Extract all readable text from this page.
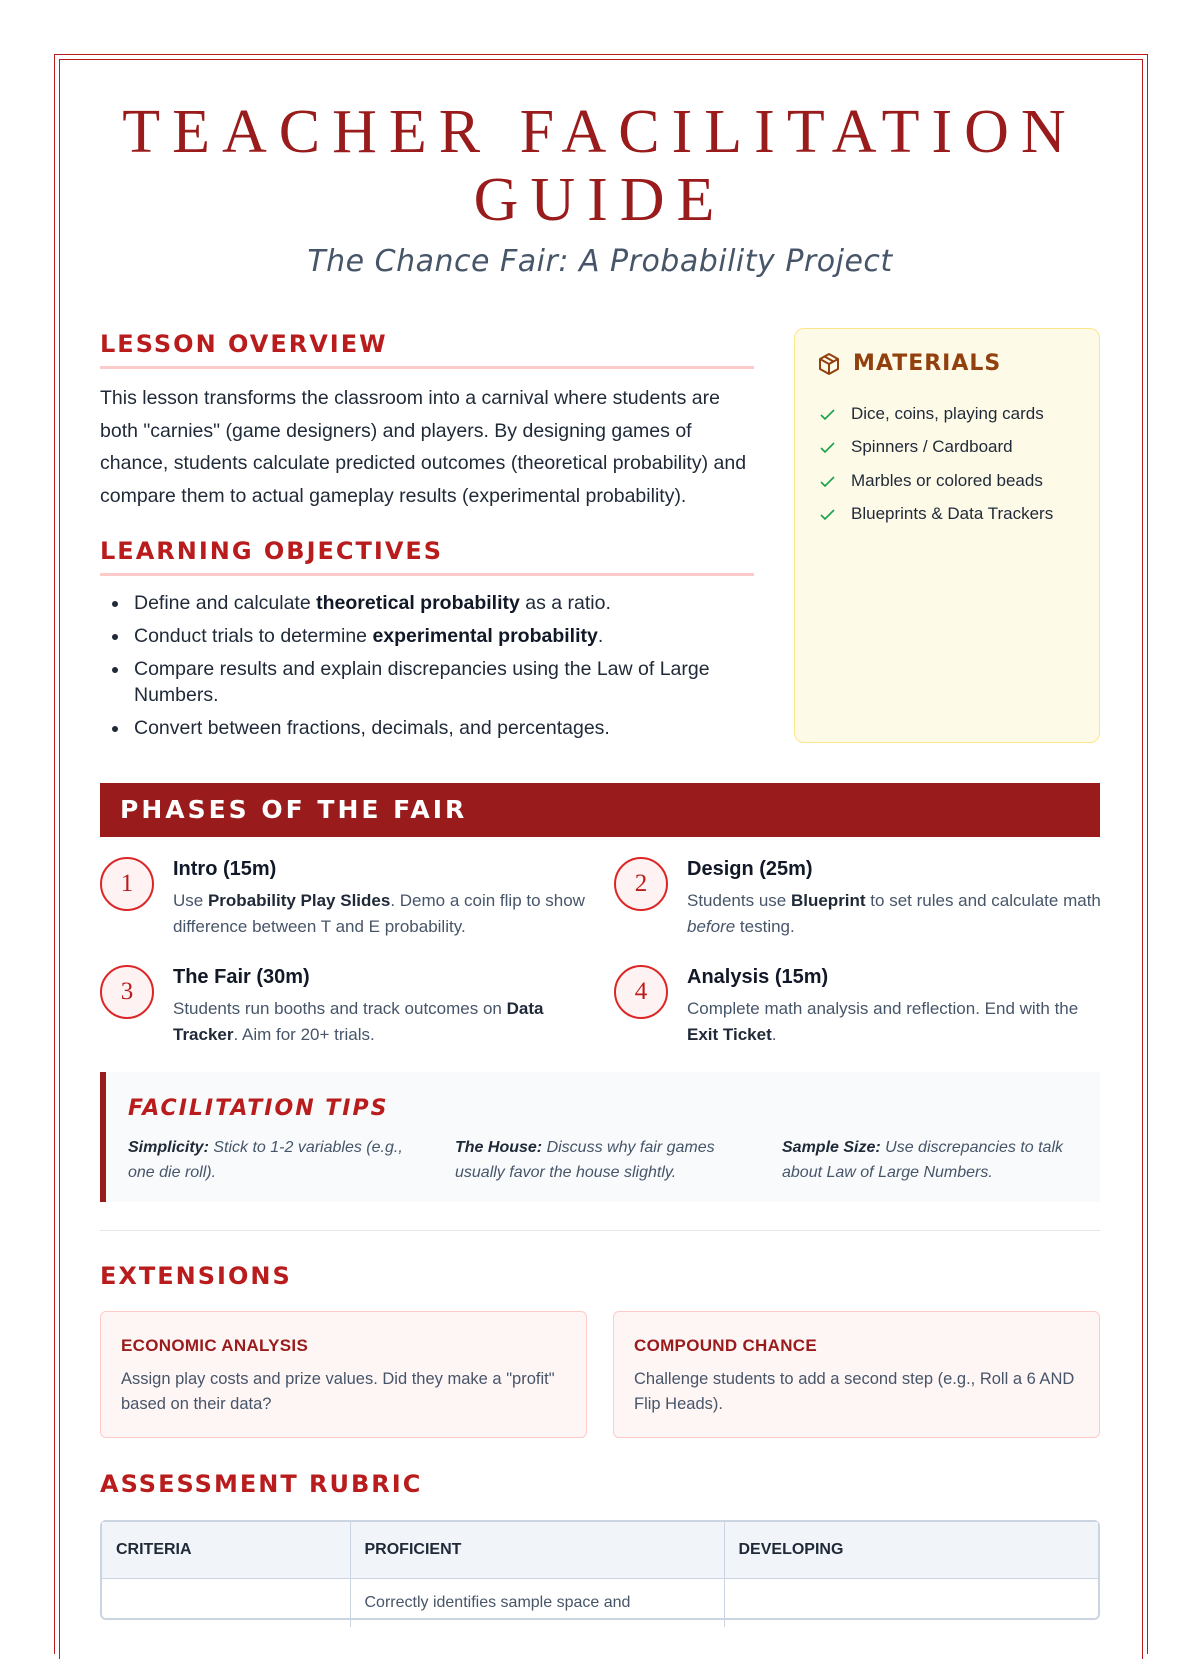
TEACHER FACILITATION GUIDE
The Chance Fair: A Probability Project
LESSON OVERVIEW

This lesson transforms the classroom into a carnival where students are both "carnies" (game designers) and players. By designing games of chance, students calculate predicted outcomes (theoretical probability) and compare them to actual gameplay results (experimental probability).

LEARNING OBJECTIVES
Define and calculate theoretical probability as a ratio.
Conduct trials to determine experimental probability.
Compare results and explain discrepancies using the Law of Large Numbers.
Convert between fractions, decimals, and percentages.
MATERIALS
Dice, coins, playing cards
Spinners / Cardboard
Marbles or colored beads
Blueprints & Data Trackers
PHASES OF THE FAIR
1
Intro (15m)
Use Probability Play Slides. Demo a coin flip to show difference between T and E probability.
2
Design (25m)
Students use Blueprint to set rules and calculate math before testing.
3
The Fair (30m)
Students run booths and track outcomes on Data Tracker. Aim for 20+ trials.
4
Analysis (15m)
Complete math analysis and reflection. End with the Exit Ticket.
FACILITATION TIPS
Simplicity: Stick to 1-2 variables (e.g., one die roll).
The House: Discuss why fair games usually favor the house slightly.
Sample Size: Use discrepancies to talk about Law of Large Numbers.
EXTENSIONS
ECONOMIC ANALYSIS
Assign play costs and prize values. Did they make a "profit" based on their data?
COMPOUND CHANCE
Challenge students to add a second step (e.g., Roll a 6 AND Flip Heads).
ASSESSMENT RUBRIC
CRITERIA	PROFICIENT	DEVELOPING
	Correctly identifies sample space and	
